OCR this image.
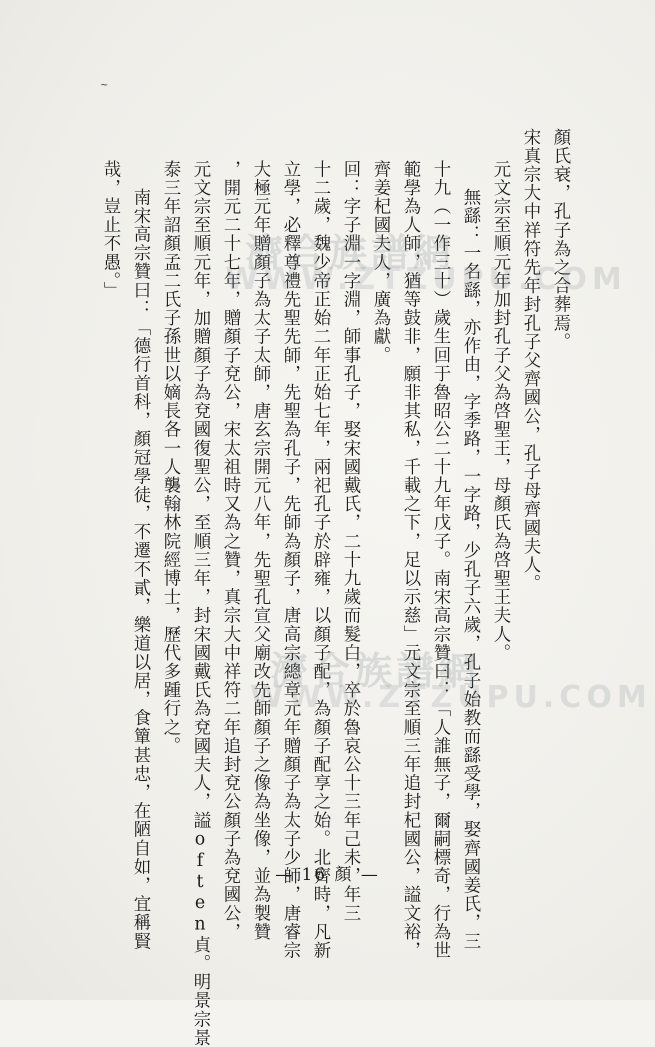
~
顏氏衰，孔子為之合葬焉。
宋真宗大中祥符先年封孔子父齊國公，孔子母齊國夫人。
元文宗至順元年加封孔子父為啓聖王，母顏氏為啓聖王夫人。
無繇：一名繇，亦作由，字季路，一字路，少孔子六歲，孔子始教而繇受學，娶齊國姜氏，三
十九（一作三十）歲生回于魯昭公二十九年戊子。南宋高宗贊曰：「人誰無子，爾嗣標奇，行為世
範學為人師，猶等鼓非，願非其私，千載之下，足以示慈」元文宗至順三年追封杞國公，謚文裕，
齊姜杞國夫人，廣為獻。
回：字子淵一字淵，師事孔子，娶宋國戴氏，二十九歲而髮白，卒於魯哀公十三年己未，年三
十二歲，魏少帝正始二年正始七年，兩祀孔子於辟雍，以顏子配，為顏子配享之始。北齊時，凡新
立學，必釋尊禮先聖先師，先聖為孔子，先師為顏子，唐高宗總章元年贈顏子為太子少師，唐睿宗
大極元年贈顏子為太子太師，唐玄宗開元八年，先聖孔宣父廟改先師顏子之像為坐像，並為製贊
，開元二十七年，贈顏子兗公，宋太祖時又為之贊，真宗大中祥符二年追封兗公顏子為兗國公，
元文宗至順元年，加贈顏子為兗國復聖公，至順三年，封宋國戴氏為兗國夫人，謚often貞。明景宗景
泰三年詔顏孟二氏子孫世以嫡長各一人襲翰林院經博士，歷代多踵行之。
南宋高宗贊曰：「德行首科，顏冠學徒，不遷不貳，樂道以居，食簞甚忠，在陋自如，宜稱賢
哉，豈止不愚。」	濟合族譜網
WWW.ZTZUPU.COM
濟合族譜網
WWW.ZTZUPU.COM
— 16 顏 —
